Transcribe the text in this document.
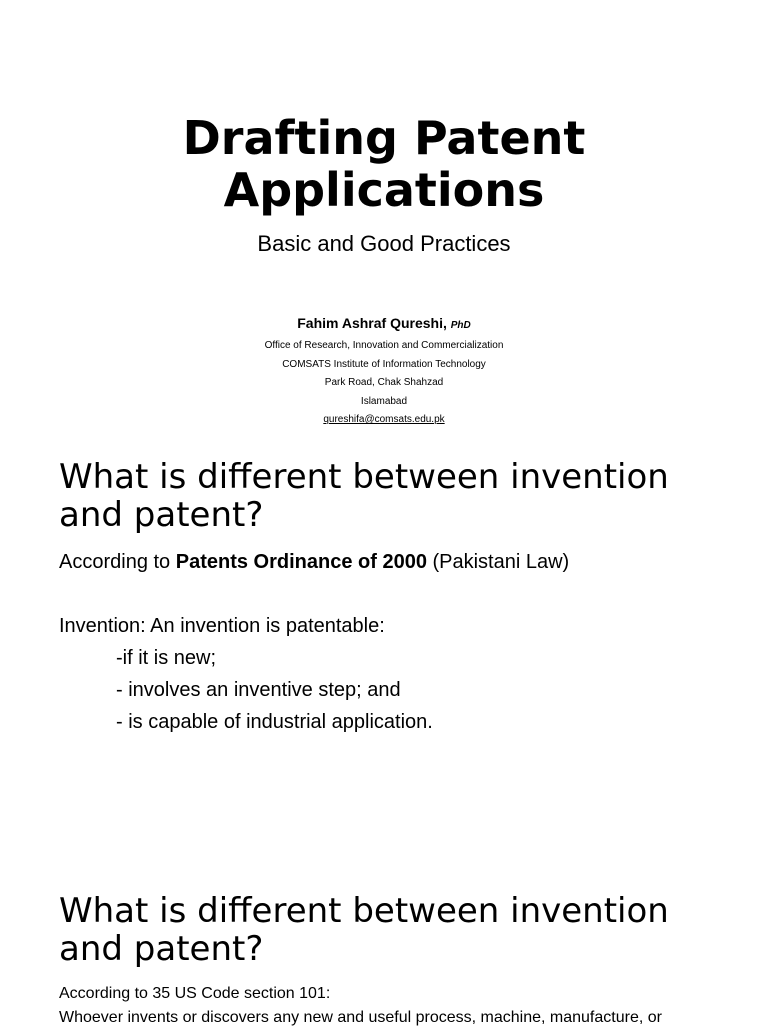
Drafting Patent
Applications
Basic and Good Practices
Fahim Ashraf Qureshi, PhD
Office of Research, Innovation and Commercialization
COMSATS Institute of Information Technology
Park Road, Chak Shahzad
Islamabad
qureshifa@comsats.edu.pk
What is different between invention and patent?
According to Patents Ordinance of 2000 (Pakistani Law)
Invention: An invention is patentable:
-if it is new;
- involves an inventive step; and
- is capable of industrial application.
What is different between invention and patent?
According to 35 US Code section 101:
Whoever invents or discovers any new and useful process, machine, manufacture, or
